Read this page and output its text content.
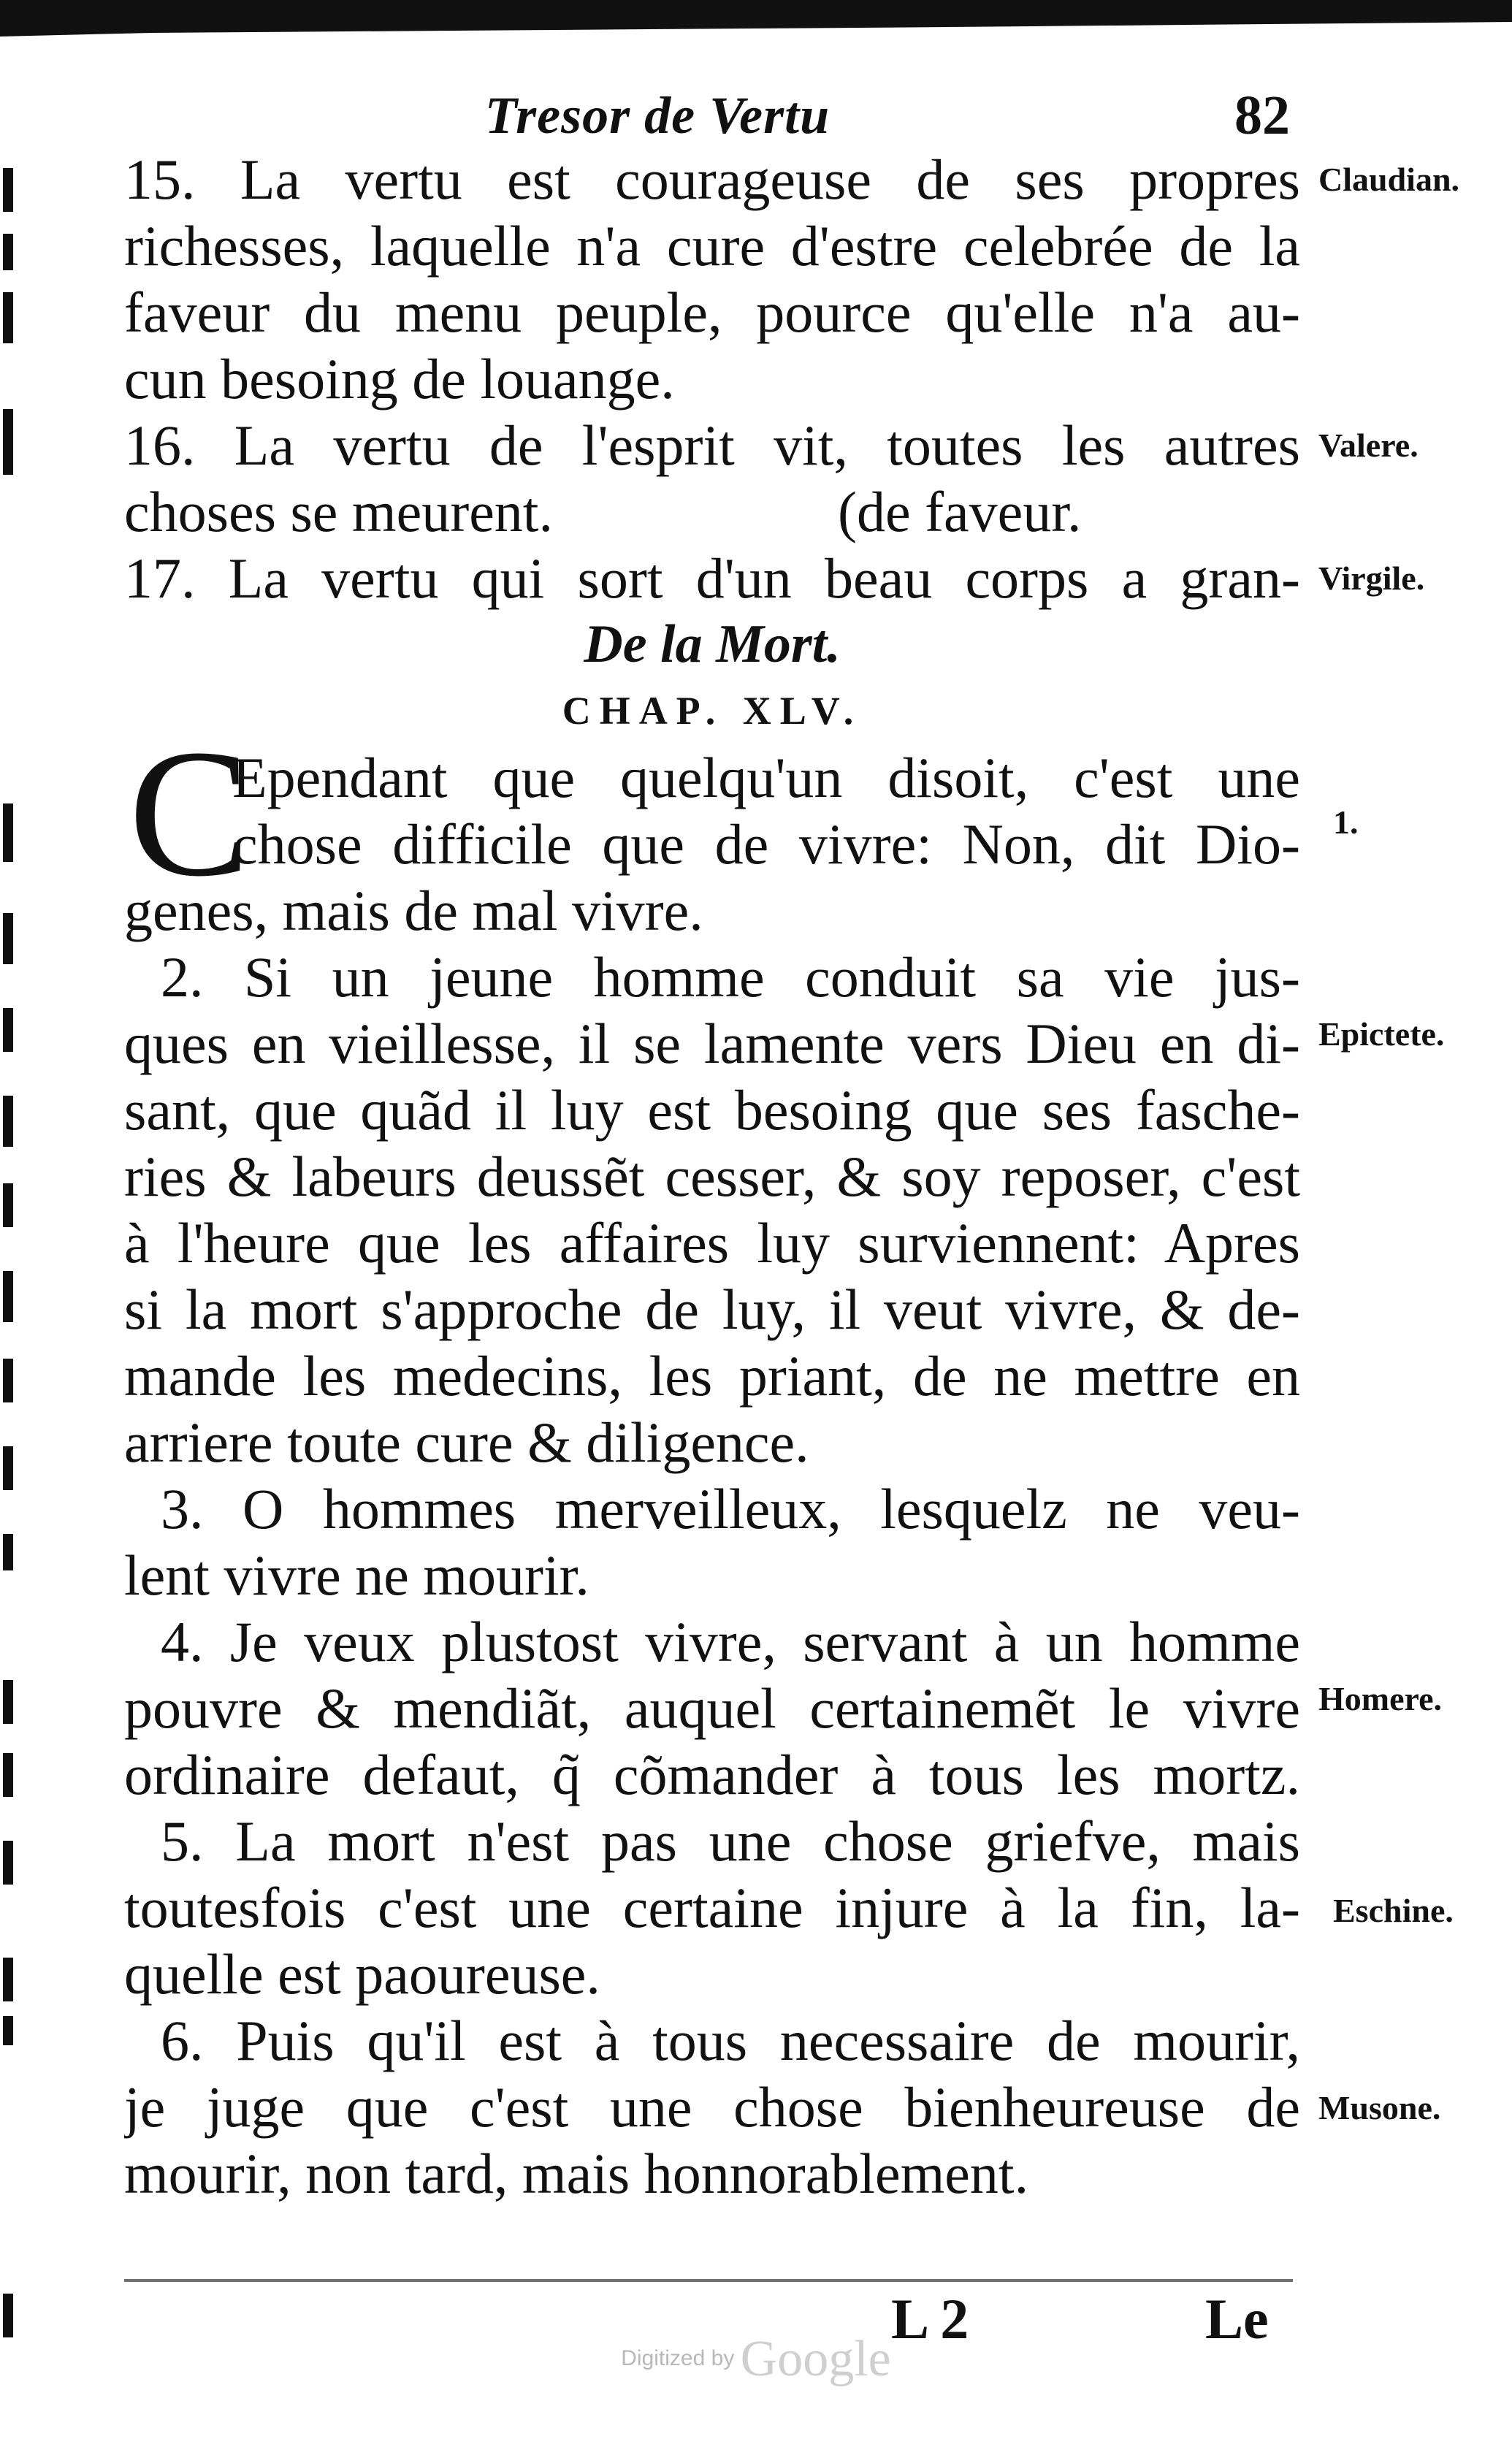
Tresor de Vertu	82
15. La vertu est courageuse de ses propres
richesses, laquelle n'a cure d'estre celebrée de la
faveur du menu peuple, pource qu'elle n'a au-
cun besoing de louange.
16. La vertu de l'esprit vit, toutes les autres
choses se meurent.                    (de faveur.
17. La vertu qui sort d'un beau corps a gran-
De la Mort.
CHAP. XLV.
C
Ependant que quelqu'un disoit, c'est une
chose difficile que de vivre: Non, dit Dio-
genes, mais de mal vivre.
2. Si un jeune homme conduit sa vie jus-
ques en vieillesse, il se lamente vers Dieu en di-
sant, que quãd il luy est besoing que ses fasche-
ries & labeurs deussẽt cesser, & soy reposer, c'est
à l'heure que les affaires luy surviennent: Apres
si la mort s'approche de luy, il veut vivre, & de-
mande les medecins, les priant, de ne mettre en
arriere toute cure & diligence.
3. O hommes merveilleux, lesquelz ne veu-
lent vivre ne mourir.
4. Je veux plustost vivre, servant à un homme
pouvre & mendiãt, auquel certainemẽt le vivre
ordinaire defaut, q̃ cõmander à tous les mortz.
5. La mort n'est pas une chose griefve, mais
toutesfois c'est une certaine injure à la fin, la-
quelle est paoureuse.
6. Puis qu'il est à tous necessaire de mourir,
je juge que c'est une chose bienheureuse de
mourir, non tard, mais honnorablement.
Claudian.
Valere.
Virgile.
1.
Epictete.
Homere.
Eschine.
Musone.
L 2	Le
Digitized by Google
